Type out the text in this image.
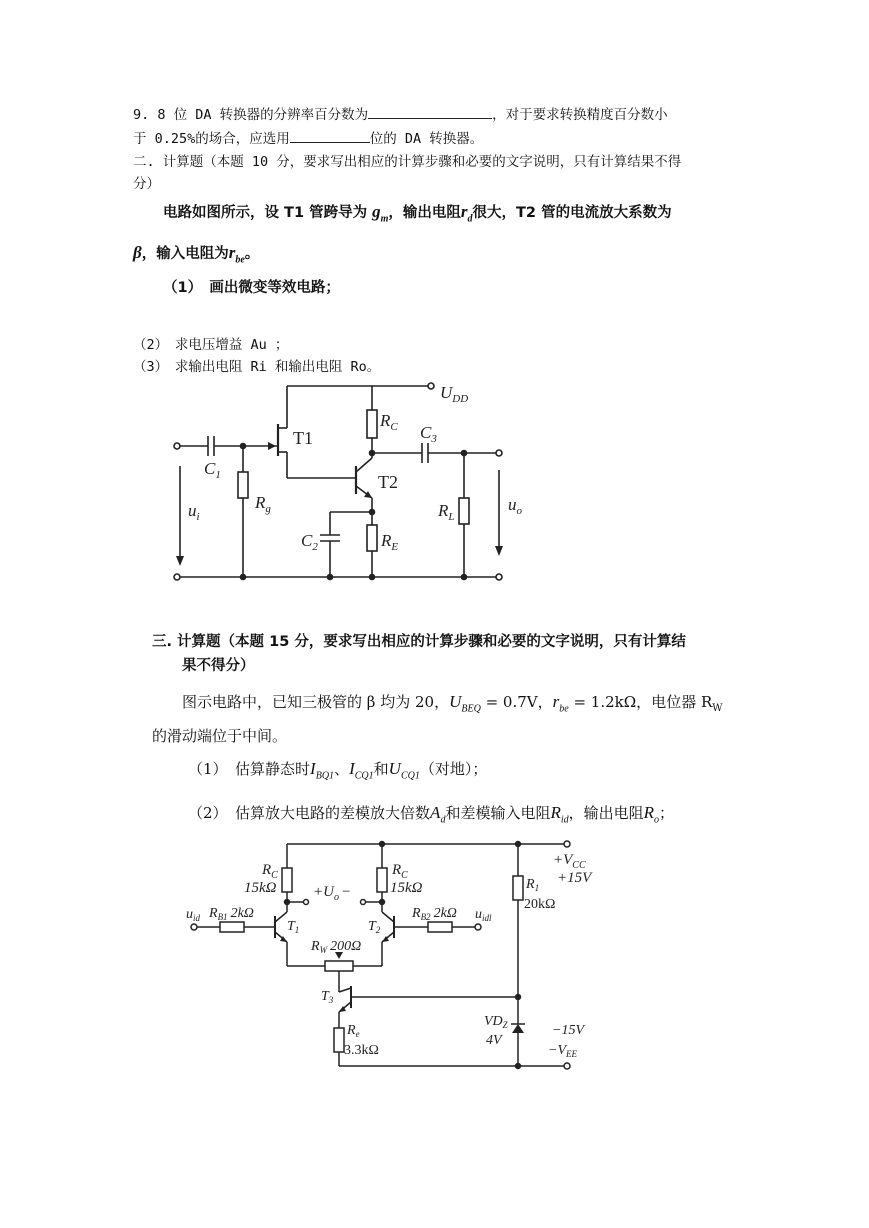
9. 8 位 DA 转换器的分辨率百分数为	，对于要求转换精度百分数小
于 0.25%的场合，应选用	位的 DA 转换器。
二. 计算题（本题 10 分，要求写出相应的计算步骤和必要的文字说明，只有计算结果不得
分）
电路如图所示，设 T1 管跨导为 $g_m$，输出电阻$r_d$很大，T2 管的电流放大系数为
β，输入电阻为$r_{be}$。
（1）　画出微变等效电路；
（2）　求电压增益 Au ；
（3）　求输出电阻 Ri 和输出电阻 Ro。
$U_{DD}$
T1
$C_1$
$R_g$
$u_i$
T2
$R_C$ $C_3$
$R_L$
$u_o$
$C_2$	$R_E$
三. 计算题（本题 15 分，要求写出相应的计算步骤和必要的文字说明，只有计算结
果不得分）
图示电路中，已知三极管的 β 均为 20，$U_{BEQ} = 0.7V$，$r_{be} = 1.2k\Omega$，电位器 $R_W$
的滑动端位于中间。
（1）　估算静态时$I_{BQ1}$、$I_{CQ1}$和$U_{CQ1}$（对地）；
（2）　估算放大电路的差模放大倍数$A_d$和差模输入电阻$R_{id}$，输出电阻$R_o$；
$+V_{CC}$
+15V
$R_C$
15kΩ
$R_C$
15kΩ
$+U_o$ −
$T_1$
$u_{id}$ $R_{B1}$ 2kΩ
$T_2$
$R_{B2}$ 2kΩ $u_{idl}$
$R_W$ 200Ω
$T_3$
$R_e$
3.3kΩ
$R_1$
20kΩ
$VD_Z$
4V
−15V
$-V_{EE}$
